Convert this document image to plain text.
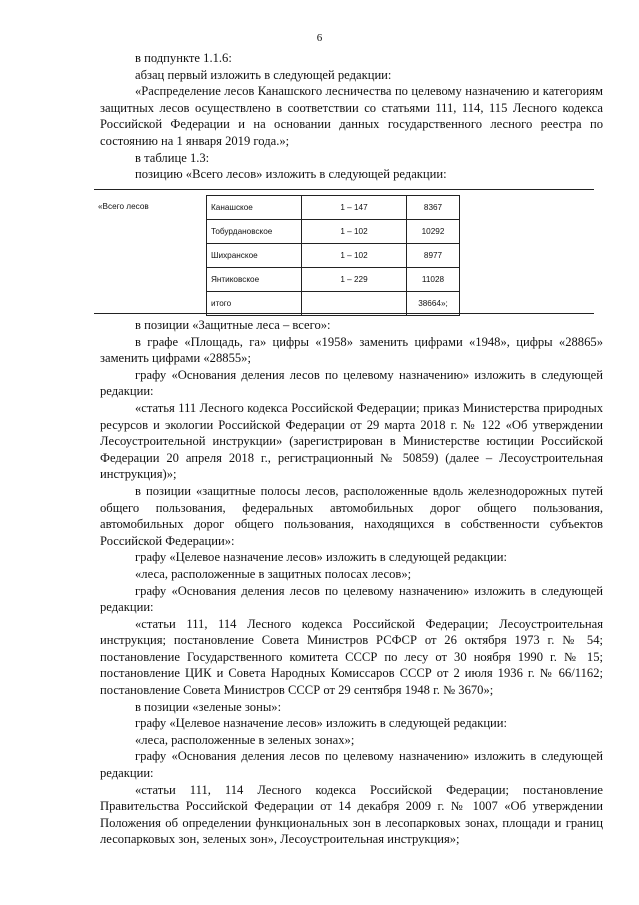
6

в подпункте 1.1.6:

абзац первый изложить в следующей редакции:

«Распределение лесов Канашского лесничества по целевому назначению и категориям защитных лесов осуществлено в соответствии со статьями 111, 114, 115 Лесного кодекса Российской Федерации и на основании данных государственного лесного реестра по состоянию на 1 января 2019 года.»;

в таблице 1.3:

позицию «Всего лесов» изложить в следующей редакции:

«Всего лесов	Канашское	1 – 147	8367	
	Тобурдановское	1 – 102	10292	
	Шихранское	1 – 102	8977	
	Янтиковское	1 – 229	11028	
	итого		38664»;	

в позиции «Защитные леса – всего»:

в графе «Площадь, га» цифры «1958» заменить цифрами «1948», цифры «28865» заменить цифрами «28855»;

графу «Основания деления лесов по целевому назначению» изложить в следующей редакции:

«статья 111 Лесного кодекса Российской Федерации; приказ Министерства природных ресурсов и экологии Российской Федерации от 29 марта 2018 г. № 122 «Об утверждении Лесоустроительной инструкции» (зарегистрирован в Министерстве юстиции Российской Федерации 20 апреля 2018 г., регистрационный № 50859) (далее – Лесоустроительная инструкция)»;

в позиции «защитные полосы лесов, расположенные вдоль железнодорожных путей общего пользования, федеральных автомобильных дорог общего пользования, автомобильных дорог общего пользования, находящихся в собственности субъектов Российской Федерации»:

графу «Целевое назначение лесов» изложить в следующей редакции:

«леса, расположенные в защитных полосах лесов»;

графу «Основания деления лесов по целевому назначению» изложить в следующей редакции:

«статьи 111, 114 Лесного кодекса Российской Федерации; Лесоустроительная инструкция; постановление Совета Министров РСФСР от 26 октября 1973 г. № 54; постановление Государственного комитета СССР по лесу от 30 ноября 1990 г. № 15; постановление ЦИК и Совета Народных Комиссаров СССР от 2 июля 1936 г. № 66/1162; постановление Совета Министров СССР от 29 сентября 1948 г. № 3670»;

в позиции «зеленые зоны»:

графу «Целевое назначение лесов» изложить в следующей редакции:

«леса, расположенные в зеленых зонах»;

графу «Основания деления лесов по целевому назначению» изложить в следующей редакции:

«статьи 111, 114 Лесного кодекса Российской Федерации; постановление Правительства Российской Федерации от 14 декабря 2009 г. № 1007 «Об утверждении Положения об определении функциональных зон в лесопарковых зонах, площади и границ лесопарковых зон, зеленых зон», Лесоустроительная инструкция»;
